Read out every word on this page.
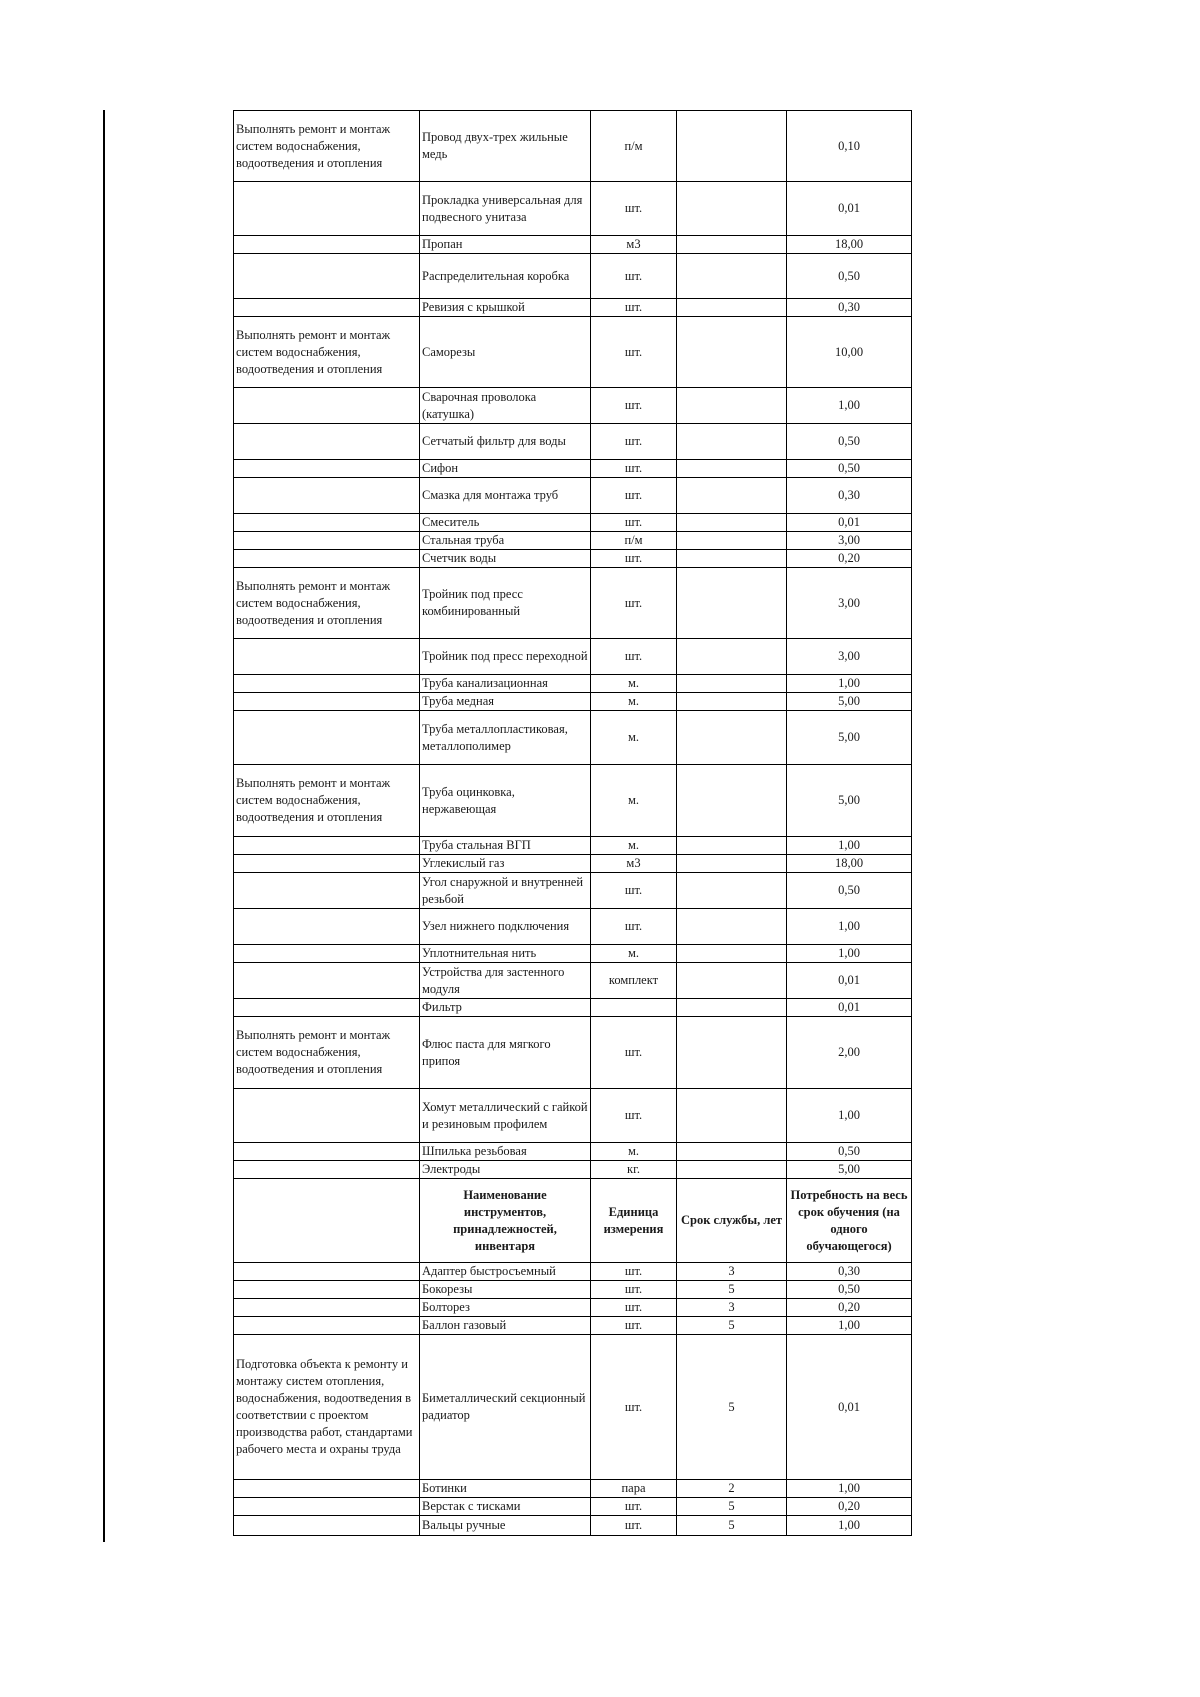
Выполнять ремонт и монтаж систем водоснабжения, водоотведения и отопления	Провод двух-трех жильные медь	п/м		0,10
	Прокладка универсальная для подвесного унитаза	шт.		0,01
	Пропан	м3		18,00
	Распределительная коробка	шт.		0,50
	Ревизия с крышкой	шт.		0,30
Выполнять ремонт и монтаж систем водоснабжения, водоотведения и отопления	Саморезы	шт.		10,00
	Сварочная проволока (катушка)	шт.		1,00
	Сетчатый фильтр для воды	шт.		0,50
	Сифон	шт.		0,50
	Смазка для монтажа труб	шт.		0,30
	Смеситель	шт.		0,01
	Стальная труба	п/м		3,00
	Счетчик воды	шт.		0,20
Выполнять ремонт и монтаж систем водоснабжения, водоотведения и отопления	Тройник под пресс комбинированный	шт.		3,00
	Тройник под пресс переходной	шт.		3,00
	Труба канализационная	м.		1,00
	Труба медная	м.		5,00
	Труба металлопластиковая, металлополимер	м.		5,00
Выполнять ремонт и монтаж систем водоснабжения, водоотведения и отопления	Труба оцинковка, нержавеющая	м.		5,00
	Труба стальная ВГП	м.		1,00
	Углекислый газ	м3		18,00
	Угол снаружной и внутренней резьбой	шт.		0,50
	Узел нижнего подключения	шт.		1,00
	Уплотнительная нить	м.		1,00
	Устройства для застенного модуля	комплект		0,01
	Фильтр			0,01
Выполнять ремонт и монтаж систем водоснабжения, водоотведения и отопления	Флюс паста для мягкого припоя	шт.		2,00
	Хомут металлический с гайкой и резиновым профилем	шт.		1,00
	Шпилька резьбовая	м.		0,50
	Электроды	кг.		5,00
	Наименование инструментов, принадлежностей, инвентаря	Единица измерения	Срок службы, лет	Потребность на весь срок обучения (на одного обучающегося)
	Адаптер быстросъемный	шт.	3	0,30
	Бокорезы	шт.	5	0,50
	Болторез	шт.	3	0,20
	Баллон газовый	шт.	5	1,00
Подготовка объекта к ремонту и монтажу систем отопления, водоснабжения, водоотведения в соответствии с проектом производства работ, стандартами рабочего места и охраны труда	Биметаллический секционный радиатор	шт.	5	0,01
	Ботинки	пара	2	1,00
	Верстак с тисками	шт.	5	0,20
	Вальцы ручные	шт.	5	1,00
